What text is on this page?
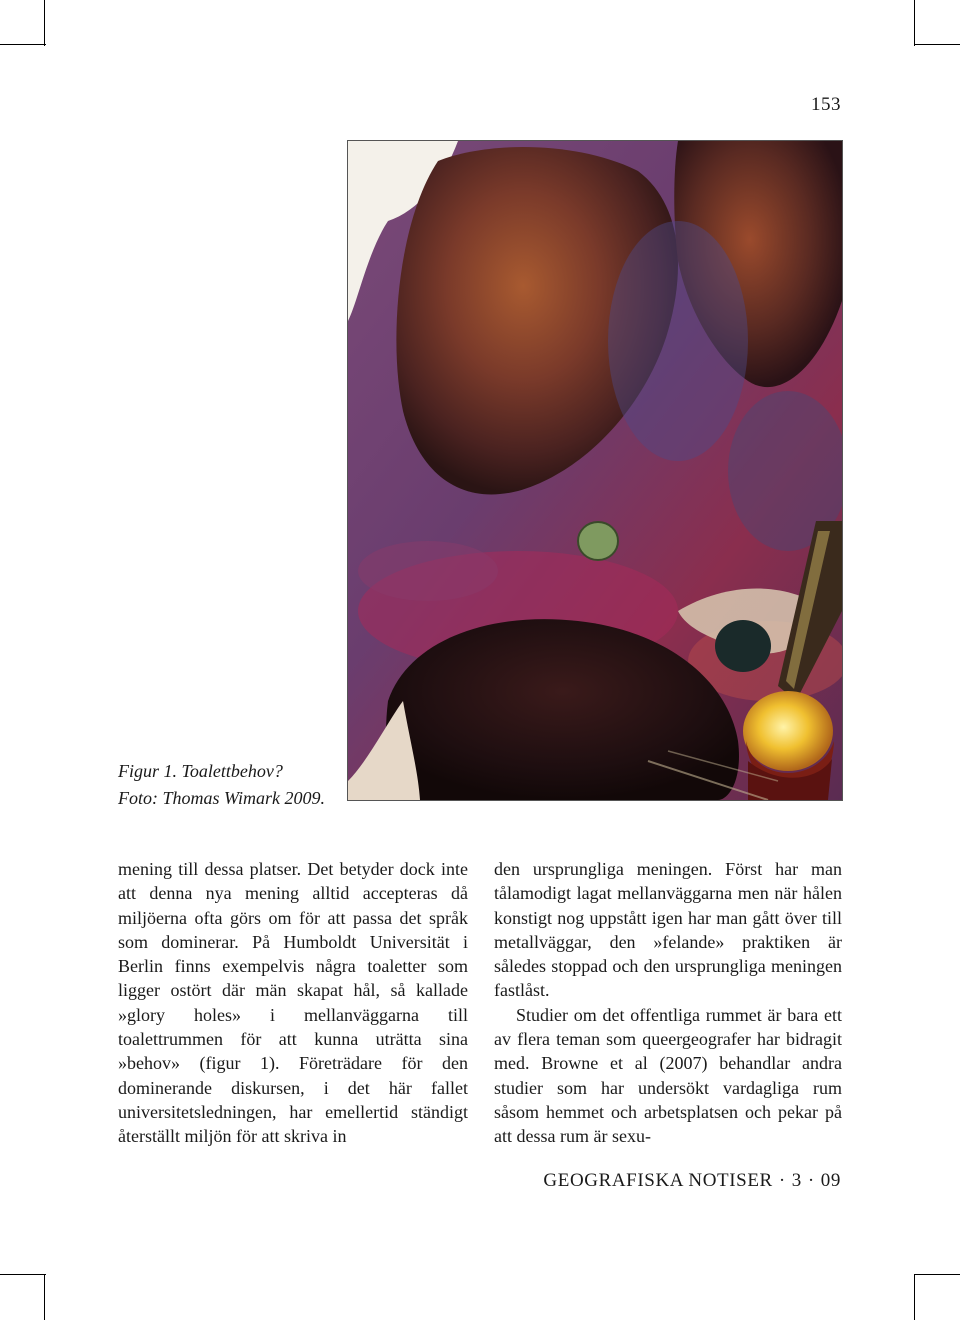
153
Figur 1. Toalettbehov?
Foto: Thomas Wimark 2009.

mening till dessa platser. Det betyder dock inte att denna nya mening alltid accepteras då miljöerna ofta görs om för att passa det språk som dominerar. På Humboldt Universität i Berlin finns exempelvis några toaletter som ligger ostört där män skapat hål, så kallade »glory holes» i mellanväggarna till toalettrummen för att kunna uträtta sina »behov» (figur 1). Företrädare för den dominerande diskursen, i det här fallet universitetsledningen, har emellertid ständigt återställt miljön för att skriva in

den ursprungliga meningen. Först har man tålamodigt lagat mellanväggarna men när hålen konstigt nog uppstått igen har man gått över till metallväggar, den »felande» praktiken är således stoppad och den ursprungliga meningen fastlåst.

Studier om det offentliga rummet är bara ett av flera teman som queergeografer har bidragit med. Browne et al (2007) behandlar andra studier som har undersökt vardagliga rum såsom hemmet och arbetsplatsen och pekar på att dessa rum är sexu-

GEOGRAFISKA NOTISER · 3 · 09
